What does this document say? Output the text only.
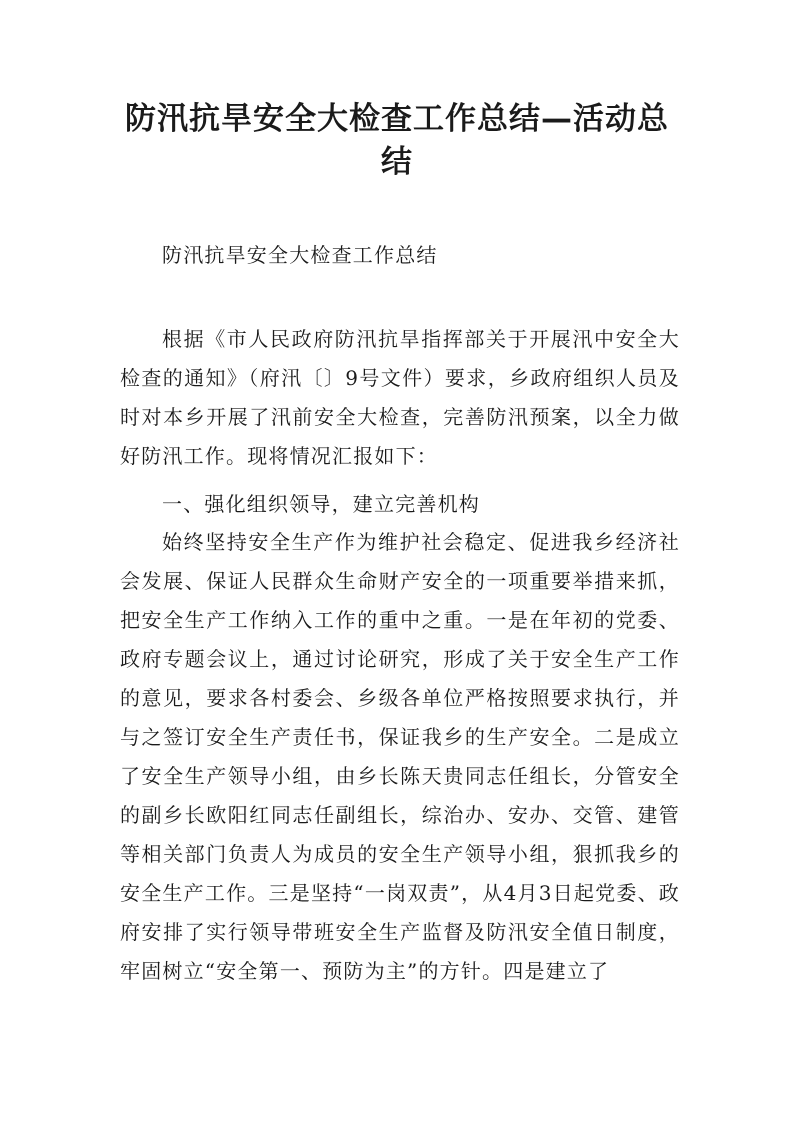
防汛抗旱安全大检查工作总结—活动总结

防汛抗旱安全大检查工作总结

根据《市人民政府防汛抗旱指挥部关于开展汛中安全大检查的通知》（府汛〔〕9号文件）要求，乡政府组织人员及时对本乡开展了汛前安全大检查，完善防汛预案，以全力做好防汛工作。现将情况汇报如下：

一、强化组织领导，建立完善机构

始终坚持安全生产作为维护社会稳定、促进我乡经济社会发展、保证人民群众生命财产安全的一项重要举措来抓，把安全生产工作纳入工作的重中之重。一是在年初的党委、政府专题会议上，通过讨论研究，形成了关于安全生产工作的意见，要求各村委会、乡级各单位严格按照要求执行，并与之签订安全生产责任书，保证我乡的生产安全。二是成立了安全生产领导小组，由乡长陈天贵同志任组长，分管安全的副乡长欧阳红同志任副组长，综治办、安办、交管、建管等相关部门负责人为成员的安全生产领导小组，狠抓我乡的安全生产工作。三是坚持“一岗双责”，从4月3日起党委、政府安排了实行领导带班安全生产监督及防汛安全值日制度，牢固树立“安全第一、预防为主”的方针。四是建立了
